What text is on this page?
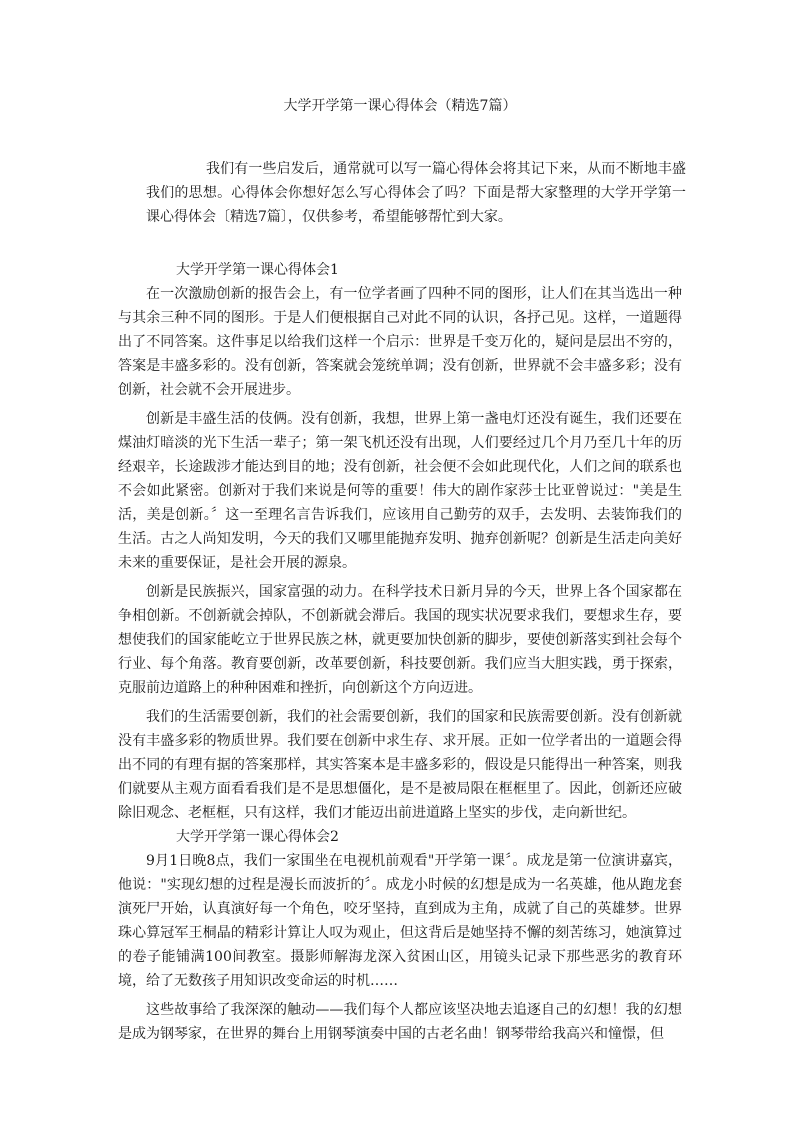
大学开学第一课心得体会（精选7篇）

我们有一些启发后，通常就可以写一篇心得体会将其记下来，从而不断地丰盛我们的思想。心得体会你想好怎么写心得体会了吗？下面是帮大家整理的大学开学第一课心得体会〔精选7篇〕，仅供参考，希望能够帮忙到大家。

大学开学第一课心得体会1

在一次激励创新的报告会上，有一位学者画了四种不同的图形，让人们在其当选出一种与其余三种不同的图形。于是人们便根据自己对此不同的认识，各抒己见。这样，一道题得出了不同答案。这件事足以给我们这样一个启示：世界是千变万化的，疑问是层出不穷的，答案是丰盛多彩的。没有创新，答案就会笼统单调；没有创新，世界就不会丰盛多彩；没有创新，社会就不会开展进步。

创新是丰盛生活的伎俩。没有创新，我想，世界上第一盏电灯还没有诞生，我们还要在煤油灯暗淡的光下生活一辈子；第一架飞机还没有出现，人们要经过几个月乃至几十年的历经艰辛，长途跋涉才能达到目的地；没有创新，社会便不会如此现代化，人们之间的联系也不会如此紧密。创新对于我们来说是何等的重要！伟大的剧作家莎士比亚曾说过："美是生活，美是创新。〞这一至理名言告诉我们，应该用自己勤劳的双手，去发明、去装饰我们的生活。古之人尚知发明，今天的我们又哪里能抛弃发明、抛弃创新呢？创新是生活走向美好未来的重要保证，是社会开展的源泉。

创新是民族振兴，国家富强的动力。在科学技术日新月异的今天，世界上各个国家都在争相创新。不创新就会掉队，不创新就会滞后。我国的现实状况要求我们，要想求生存，要想使我们的国家能屹立于世界民族之林，就更要加快创新的脚步，要使创新落实到社会每个行业、每个角落。教育要创新，改革要创新，科技要创新。我们应当大胆实践，勇于探索，克服前边道路上的种种困难和挫折，向创新这个方向迈进。

我们的生活需要创新，我们的社会需要创新，我们的国家和民族需要创新。没有创新就没有丰盛多彩的物质世界。我们要在创新中求生存、求开展。正如一位学者出的一道题会得出不同的有理有据的答案那样，其实答案本是丰盛多彩的，假设是只能得出一种答案，则我们就要从主观方面看看我们是不是思想僵化，是不是被局限在框框里了。因此，创新还应破除旧观念、老框框，只有这样，我们才能迈出前进道路上坚实的步伐，走向新世纪。

大学开学第一课心得体会2

9月1日晚8点，我们一家围坐在电视机前观看"开学第一课〞。成龙是第一位演讲嘉宾，他说："实现幻想的过程是漫长而波折的〞。成龙小时候的幻想是成为一名英雄，他从跑龙套演死尸开始，认真演好每一个角色，咬牙坚持，直到成为主角，成就了自己的英雄梦。世界珠心算冠军王桐晶的精彩计算让人叹为观止，但这背后是她坚持不懈的刻苦练习，她演算过的卷子能铺满100间教室。摄影师解海龙深入贫困山区，用镜头记录下那些恶劣的教育环境，给了无数孩子用知识改变命运的时机……

这些故事给了我深深的触动——我们每个人都应该坚决地去追逐自己的幻想！我的幻想是成为钢琴家，在世界的舞台上用钢琴演奏中国的古老名曲！钢琴带给我高兴和憧憬，但
